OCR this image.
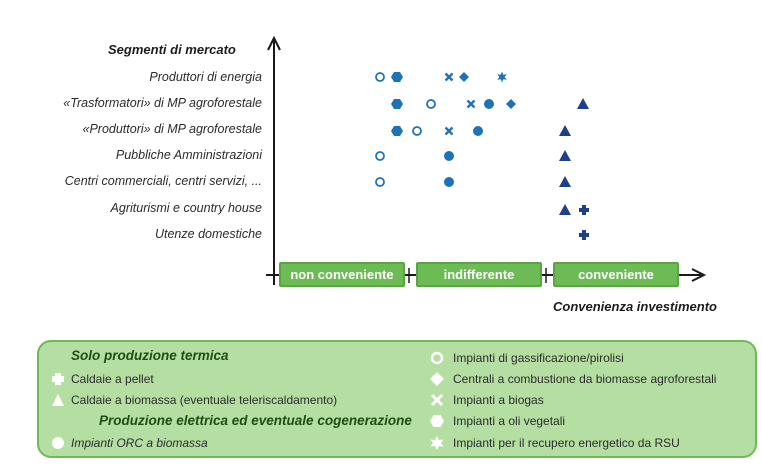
Segmenti di mercato
Convenienza investimento
Produttori di energia
«Trasformatori» di MP agroforestale
«Produttori» di MP agroforestale
Pubbliche Amministrazioni
Centri commerciali, centri servizi, ...
Agriturismi e country house
Utenze domestiche
non conveniente	indifferente	conveniente
Solo produzione termica
Caldaie a pellet
Caldaie a biomassa (eventuale teleriscaldamento)
Produzione elettrica ed eventuale cogenerazione
Impianti ORC a biomassa
Impianti di gassificazione/pirolisi
Centrali a combustione da biomasse agroforestali
Impianti a biogas
Impianti a oli vegetali
Impianti per il recupero energetico da RSU
